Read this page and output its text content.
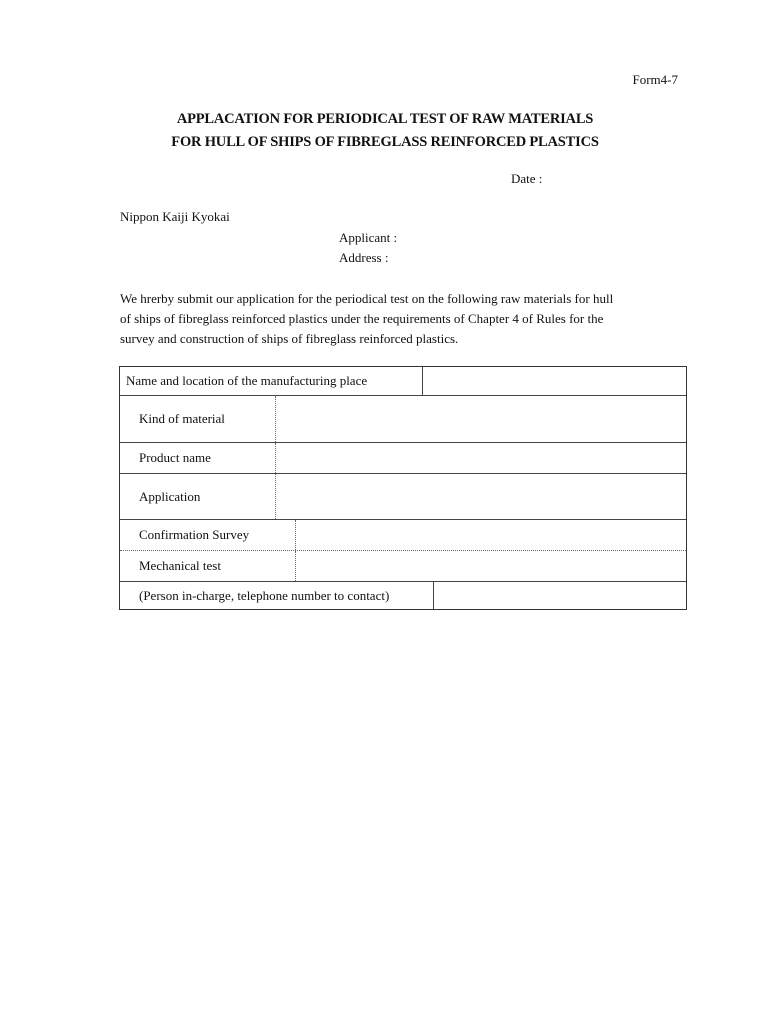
Form4-7
APPLACATION FOR PERIODICAL TEST OF RAW MATERIALS
FOR HULL OF SHIPS OF FIBREGLASS REINFORCED PLASTICS
Date :
Nippon Kaiji Kyokai
Applicant :
Address :
We hrerby submit our application for the periodical test on the following raw materials for hull
of ships of fibreglass reinforced plastics under the requirements of Chapter 4 of Rules for the
survey and construction of ships of fibreglass reinforced plastics.
Name and location of the manufacturing place
Kind of material
Product name
Application
Confirmation Survey
Mechanical test
(Person in-charge, telephone number to contact)
